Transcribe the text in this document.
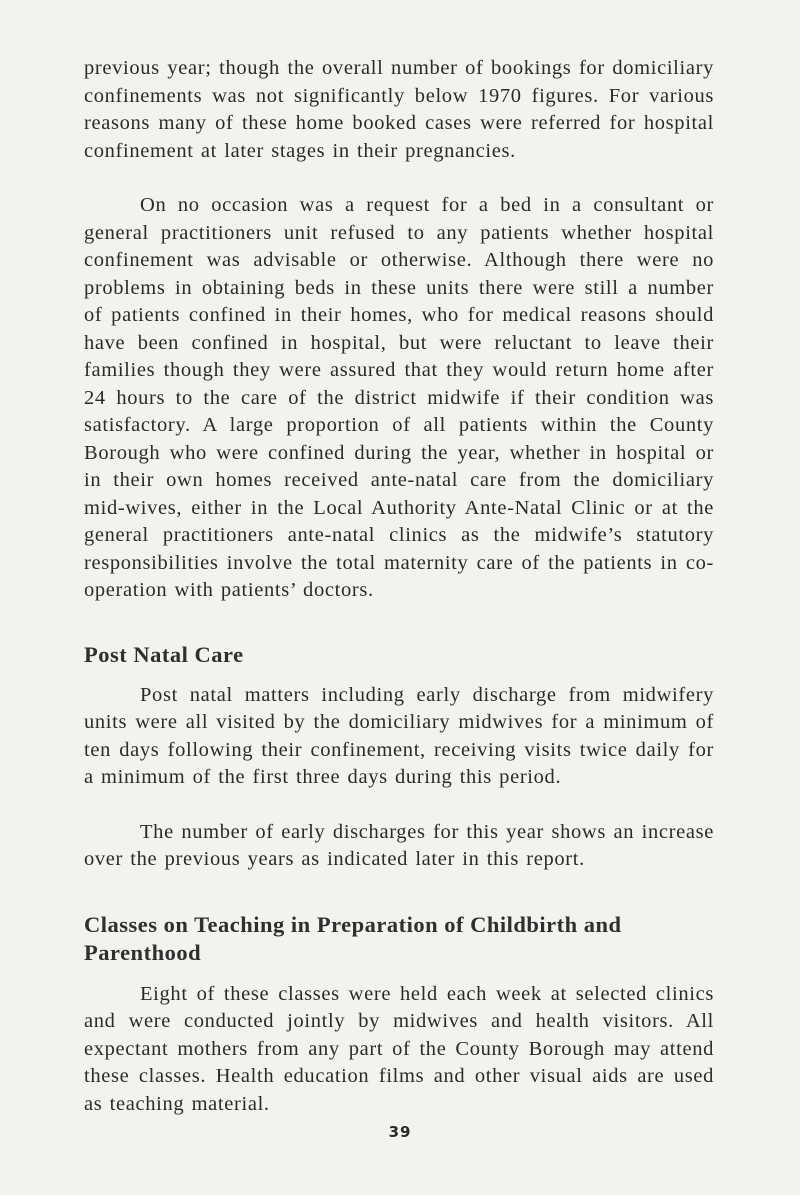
previous year; though the overall number of bookings for domiciliary confinements was not significantly below 1970 figures. For various reasons many of these home booked cases were referred for hospital confinement at later stages in their pregnancies.

On no occasion was a request for a bed in a consultant or general practitioners unit refused to any patients whether hospital confinement was advisable or otherwise. Although there were no problems in obtaining beds in these units there were still a number of patients confined in their homes, who for medical reasons should have been confined in hospital, but were reluctant to leave their families though they were assured that they would return home after 24 hours to the care of the district midwife if their condition was satisfactory. A large proportion of all patients within the County Borough who were confined during the year, whether in hospital or in their own homes received ante-natal care from the domiciliary mid-wives, either in the Local Authority Ante-Natal Clinic or at the general practitioners ante-natal clinics as the midwife’s statutory responsibilities involve the total maternity care of the patients in co-operation with patients’ doctors.

Post Natal Care

Post natal matters including early discharge from midwifery units were all visited by the domiciliary midwives for a minimum of ten days following their confinement, receiving visits twice daily for a minimum of the first three days during this period.

The number of early discharges for this year shows an increase over the previous years as indicated later in this report.

Classes on Teaching in Preparation of Childbirth and Parenthood

Eight of these classes were held each week at selected clinics and were conducted jointly by midwives and health visitors. All expectant mothers from any part of the County Borough may attend these classes. Health education films and other visual aids are used as teaching material.

39
